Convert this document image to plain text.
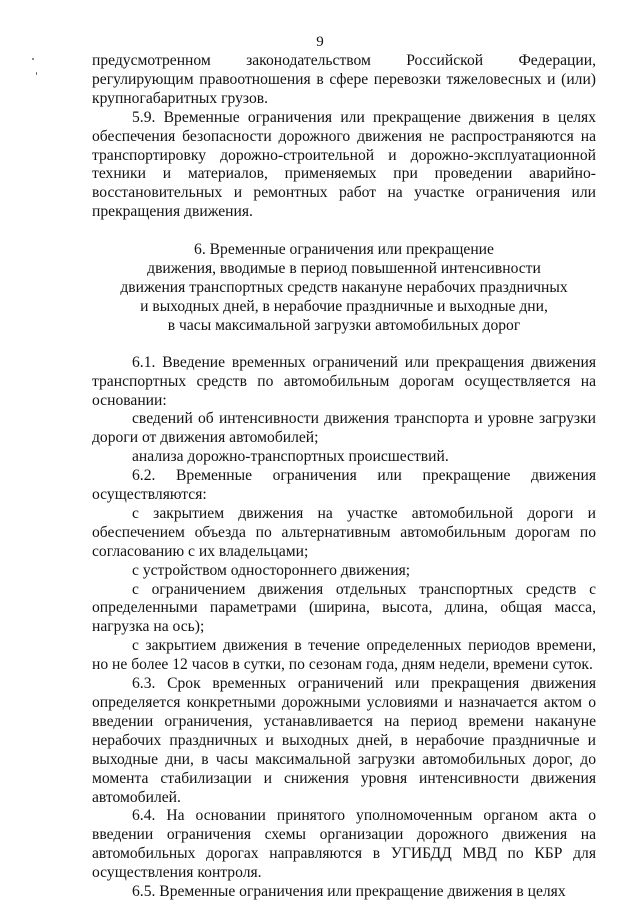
9

предусмотренном законодательством Российской Федерации, регулирующим правоотношения в сфере перевозки тяжеловесных и (или) крупногабаритных грузов.

5.9. Временные ограничения или прекращение движения в целях обеспечения безопасности дорожного движения не распространяются на транспортировку дорожно-строительной и дорожно-эксплуатационной техники и материалов, применяемых при проведении аварийно-восстановительных и ремонтных работ на участке ограничения или прекращения движения.

6. Временные ограничения или прекращение
движения, вводимые в период повышенной интенсивности
движения транспортных средств накануне нерабочих праздничных
и выходных дней, в нерабочие праздничные и выходные дни,
в часы максимальной загрузки автомобильных дорог

6.1. Введение временных ограничений или прекращения движения транспортных средств по автомобильным дорогам осуществляется на основании:

сведений об интенсивности движения транспорта и уровне загрузки дороги от движения автомобилей;

анализа дорожно-транспортных происшествий.

6.2. Временные ограничения или прекращение движения осуществляются:

с закрытием движения на участке автомобильной дороги и обеспечением объезда по альтернативным автомобильным дорогам по согласованию с их владельцами;

с устройством одностороннего движения;

с ограничением движения отдельных транспортных средств с определенными параметрами (ширина, высота, длина, общая масса, нагрузка на ось);

с закрытием движения в течение определенных периодов времени, но не более 12 часов в сутки, по сезонам года, дням недели, времени суток.

6.3. Срок временных ограничений или прекращения движения определяется конкретными дорожными условиями и назначается актом о введении ограничения, устанавливается на период времени накануне нерабочих праздничных и выходных дней, в нерабочие праздничные и выходные дни, в часы максимальной загрузки автомобильных дорог, до момента стабилизации и снижения уровня интенсивности движения автомобилей.

6.4. На основании принятого уполномоченным органом акта о введении ограничения схемы организации дорожного движения на автомобильных дорогах направляются в УГИБДД МВД по КБР для осуществления контроля.

6.5. Временные ограничения или прекращение движения в целях
